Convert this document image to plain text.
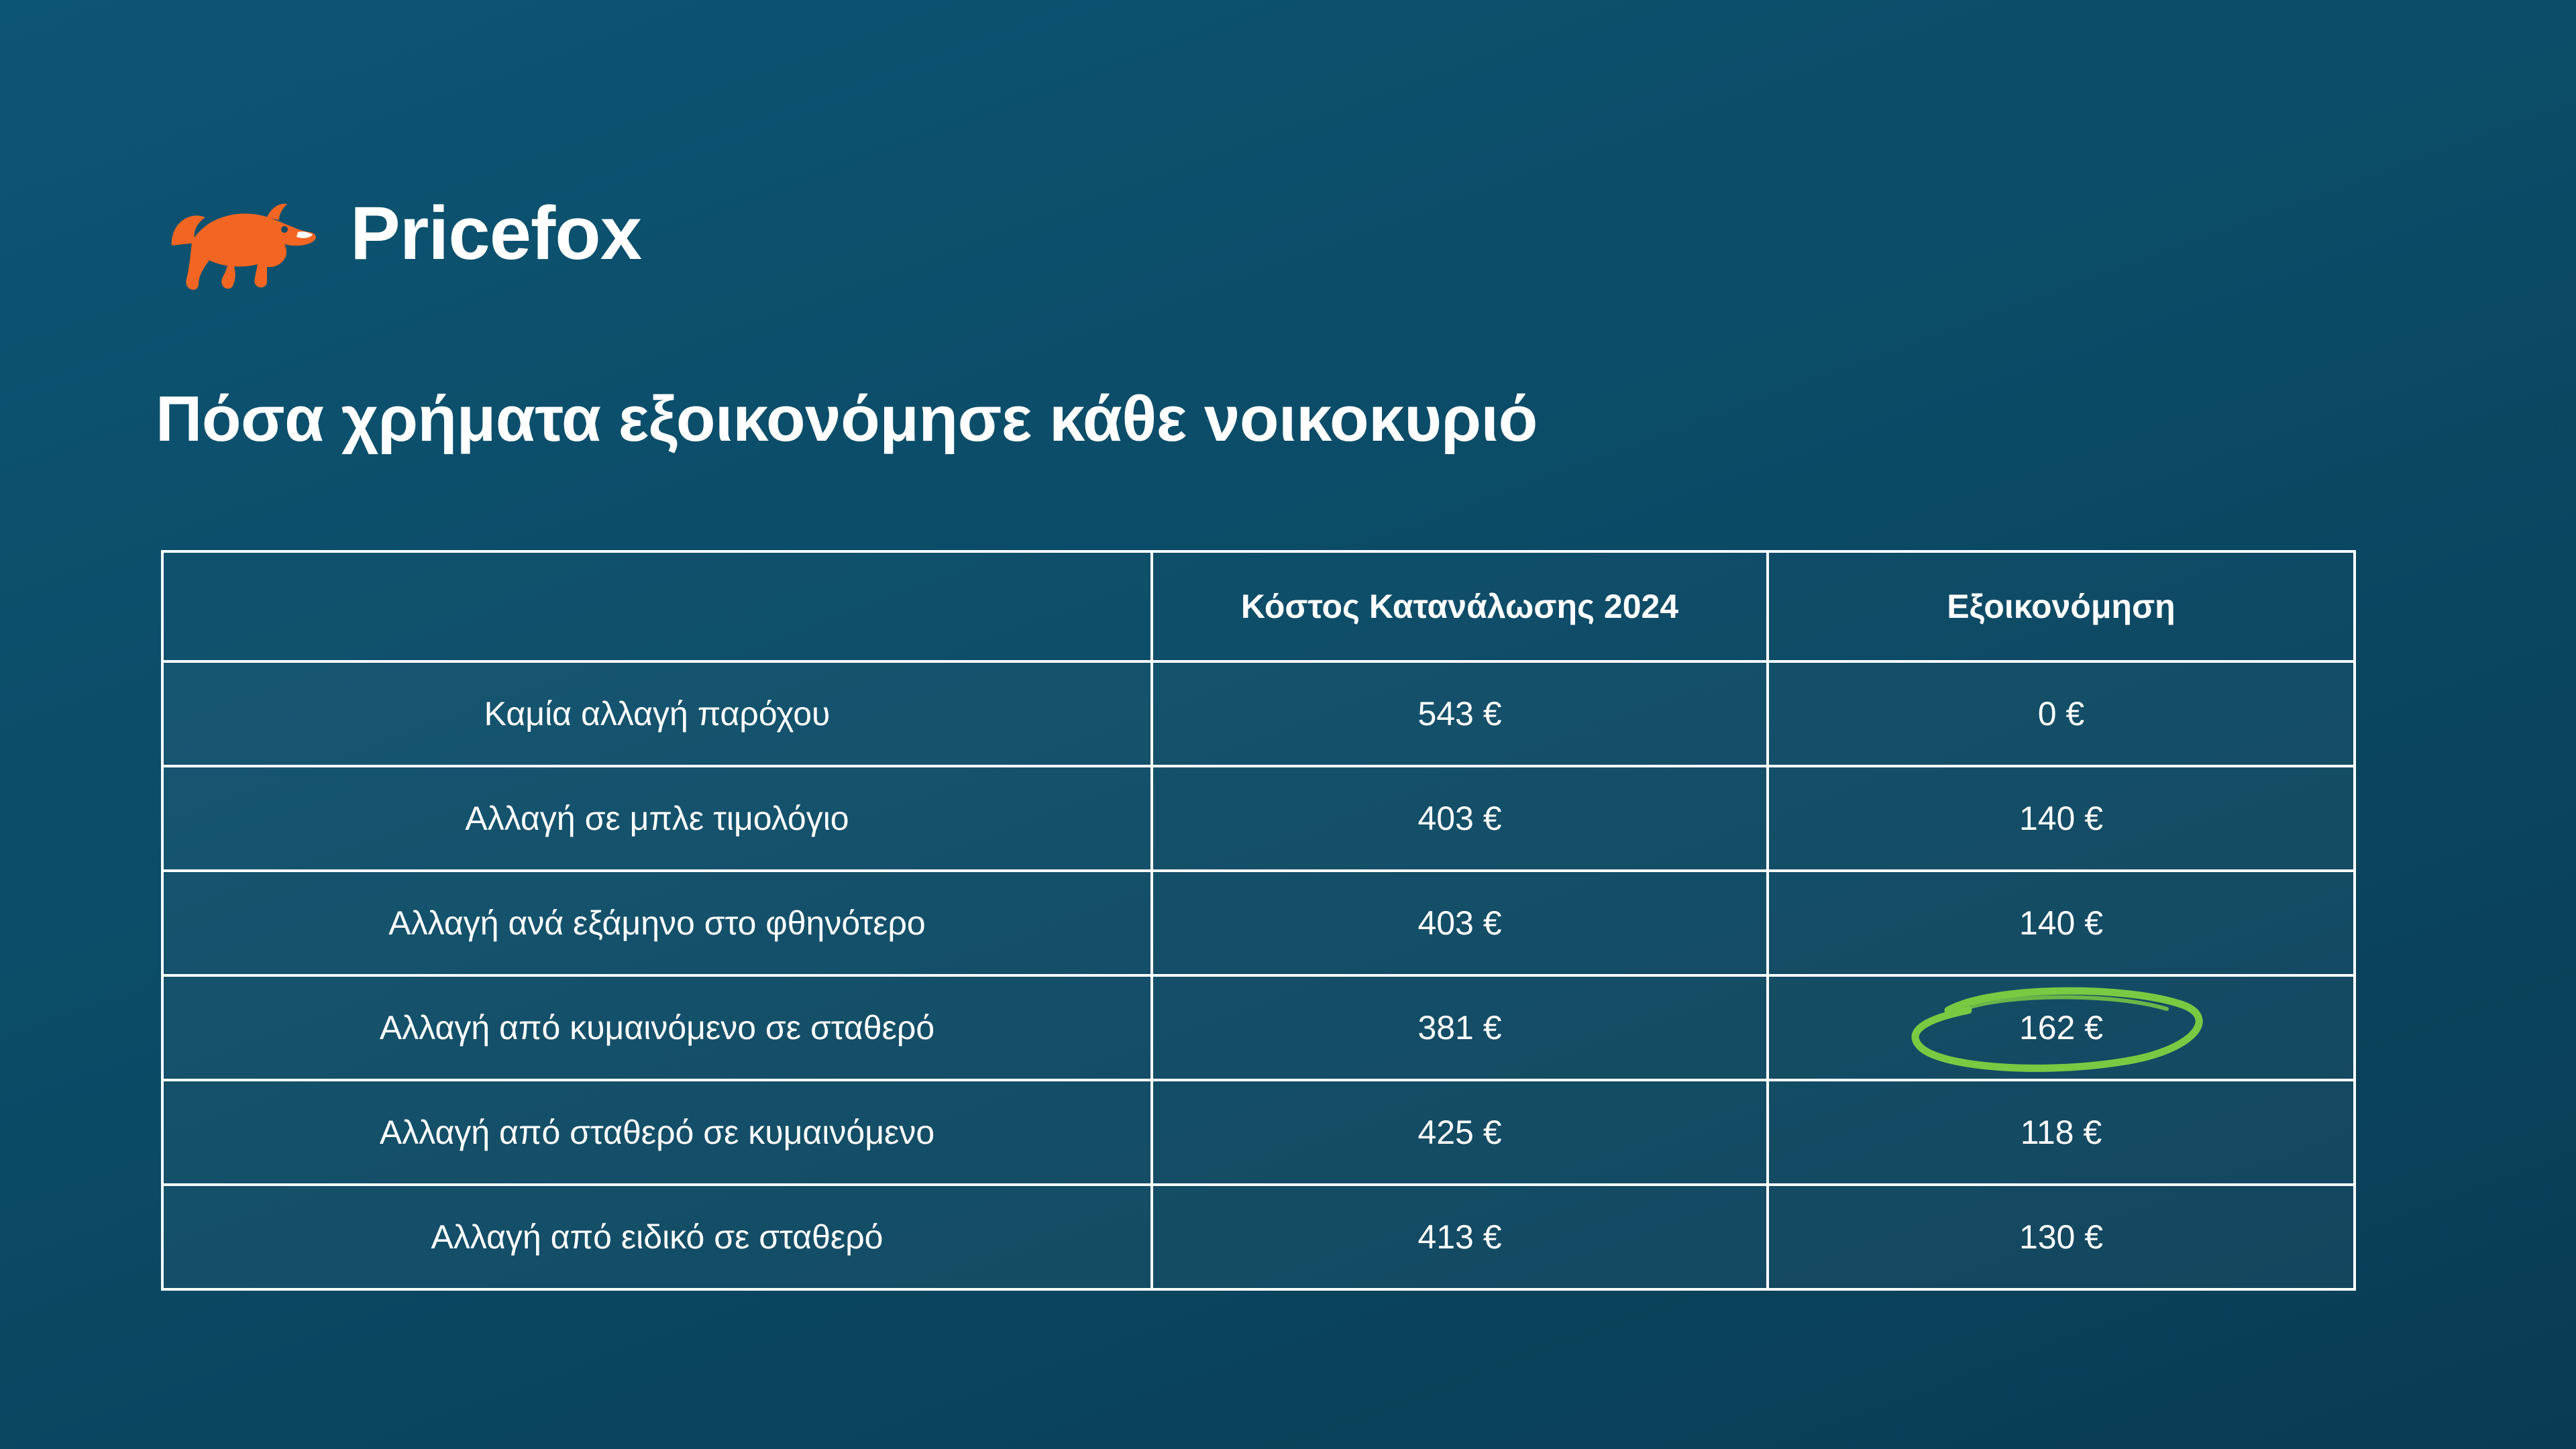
Pricefox
Πόσα χρήματα εξοικονόμησε κάθε νοικοκυριό
	Κόστος Κατανάλωσης 2024	Εξοικονόμηση
Καμία αλλαγή παρόχου	543 €	0 €
Αλλαγή σε μπλε τιμολόγιο	403 €	140 €
Αλλαγή ανά εξάμηνο στο φθηνότερο	403 €	140 €
Αλλαγή από κυμαινόμενο σε σταθερό	381 €	162 €
Αλλαγή από σταθερό σε κυμαινόμενο	425 €	118 €
Αλλαγή από ειδικό σε σταθερό	413 €	130 €
